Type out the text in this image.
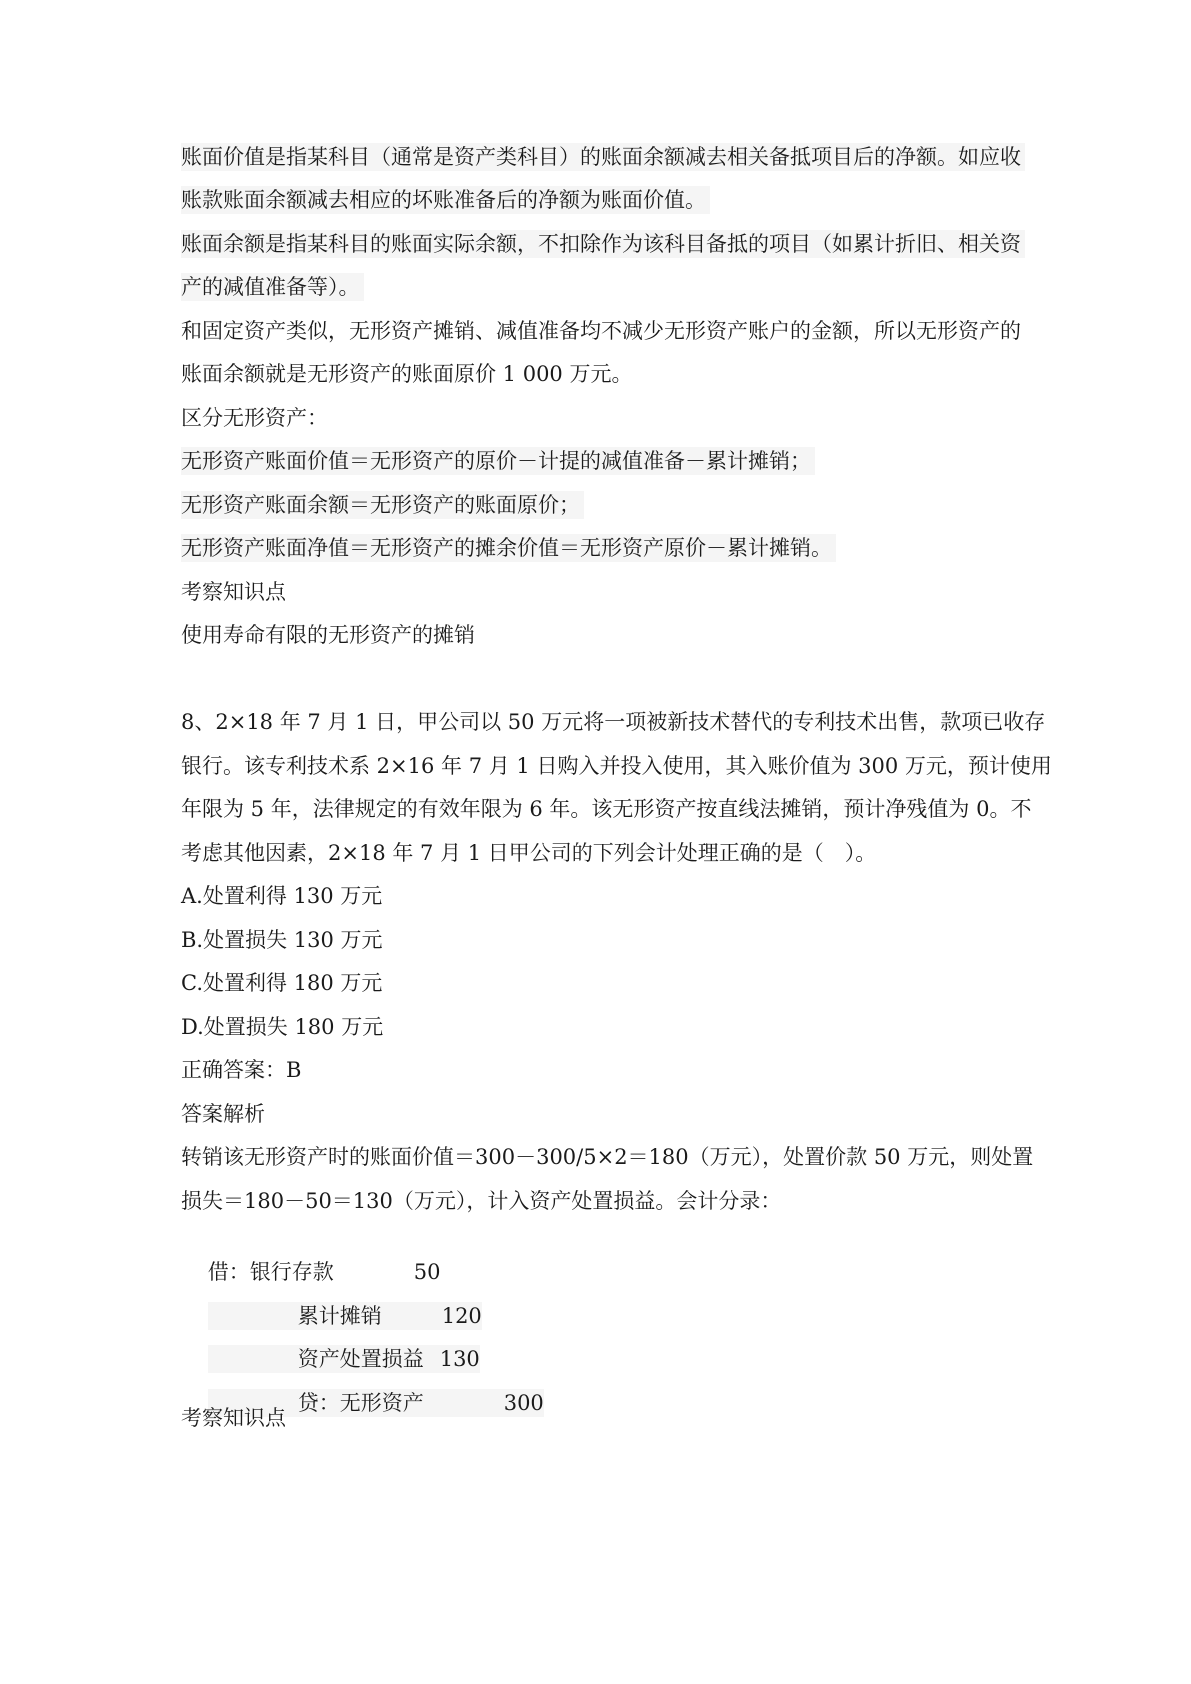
账面价值是指某科目（通常是资产类科目）的账面余额减去相关备抵项目后的净额。如应收
账款账面余额减去相应的坏账准备后的净额为账面价值。
账面余额是指某科目的账面实际余额，不扣除作为该科目备抵的项目（如累计折旧、相关资
产的减值准备等）。
和固定资产类似，无形资产摊销、减值准备均不减少无形资产账户的金额，所以无形资产的
账面余额就是无形资产的账面原价 1 000 万元。
区分无形资产：
无形资产账面价值＝无形资产的原价－计提的减值准备－累计摊销；
无形资产账面余额＝无形资产的账面原价；
无形资产账面净值＝无形资产的摊余价值＝无形资产原价－累计摊销。
考察知识点
使用寿命有限的无形资产的摊销
8、2×18 年 7 月 1 日，甲公司以 50 万元将一项被新技术替代的专利技术出售，款项已收存
银行。该专利技术系 2×16 年 7 月 1 日购入并投入使用，其入账价值为 300 万元，预计使用
年限为 5 年，法律规定的有效年限为 6 年。该无形资产按直线法摊销，预计净残值为 0。不
考虑其他因素，2×18 年 7 月 1 日甲公司的下列会计处理正确的是（　）。
A.处置利得 130 万元
B.处置损失 130 万元
C.处置利得 180 万元
D.处置损失 180 万元
正确答案：B
答案解析
转销该无形资产时的账面价值＝300－300/5×2＝180（万元），处置价款 50 万元，则处置
损失＝180－50＝130（万元），计入资产处置损益。会计分录：

借：银行存款	50

累计摊销	120

资产处置损益 130

贷：无形资产	300

考察知识点
